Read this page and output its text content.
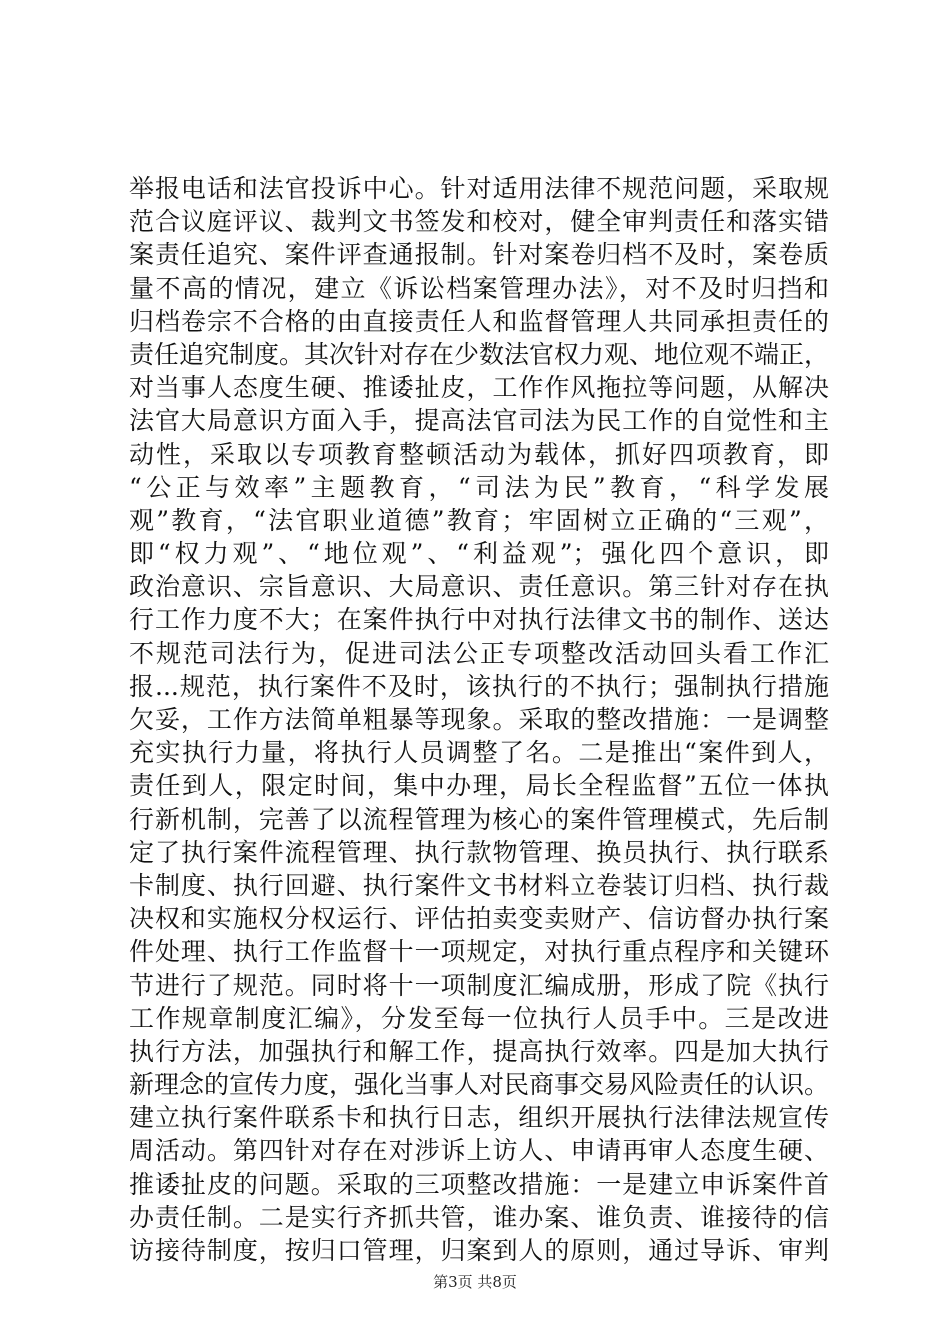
举报电话和法官投诉中心。针对适用法律不规范问题，采取规
范合议庭评议、裁判文书签发和校对，健全审判责任和落实错
案责任追究、案件评查通报制。针对案卷归档不及时，案卷质
量不高的情况，建立《诉讼档案管理办法》，对不及时归挡和
归档卷宗不合格的由直接责任人和监督管理人共同承担责任的
责任追究制度。其次针对存在少数法官权力观、地位观不端正，
对当事人态度生硬、推诿扯皮，工作作风拖拉等问题，从解决
法官大局意识方面入手，提高法官司法为民工作的自觉性和主
动性，采取以专项教育整顿活动为载体，抓好四项教育，即
“公正与效率”主题教育，“司法为民”教育，“科学发展
观”教育，“法官职业道德”教育；牢固树立正确的“三观”，
即“权力观”、“地位观”、“利益观”；强化四个意识，即
政治意识、宗旨意识、大局意识、责任意识。第三针对存在执
行工作力度不大；在案件执行中对执行法律文书的制作、送达
不规范司法行为，促进司法公正专项整改活动回头看工作汇
报...规范，执行案件不及时，该执行的不执行；强制执行措施
欠妥，工作方法简单粗暴等现象。采取的整改措施：一是调整
充实执行力量，将执行人员调整了名。二是推出“案件到人，
责任到人，限定时间，集中办理，局长全程监督”五位一体执
行新机制，完善了以流程管理为核心的案件管理模式，先后制
定了执行案件流程管理、执行款物管理、换员执行、执行联系
卡制度、执行回避、执行案件文书材料立卷装订归档、执行裁
决权和实施权分权运行、评估拍卖变卖财产、信访督办执行案
件处理、执行工作监督十一项规定，对执行重点程序和关键环
节进行了规范。同时将十一项制度汇编成册，形成了院《执行
工作规章制度汇编》，分发至每一位执行人员手中。三是改进
执行方法，加强执行和解工作，提高执行效率。四是加大执行
新理念的宣传力度，强化当事人对民商事交易风险责任的认识。
建立执行案件联系卡和执行日志，组织开展执行法律法规宣传
周活动。第四针对存在对涉诉上访人、申请再审人态度生硬、
推诿扯皮的问题。采取的三项整改措施：一是建立申诉案件首
办责任制。二是实行齐抓共管，谁办案、谁负责、谁接待的信
访接待制度，按归口管理，归案到人的原则，通过导诉、审判
第3页 共8页
